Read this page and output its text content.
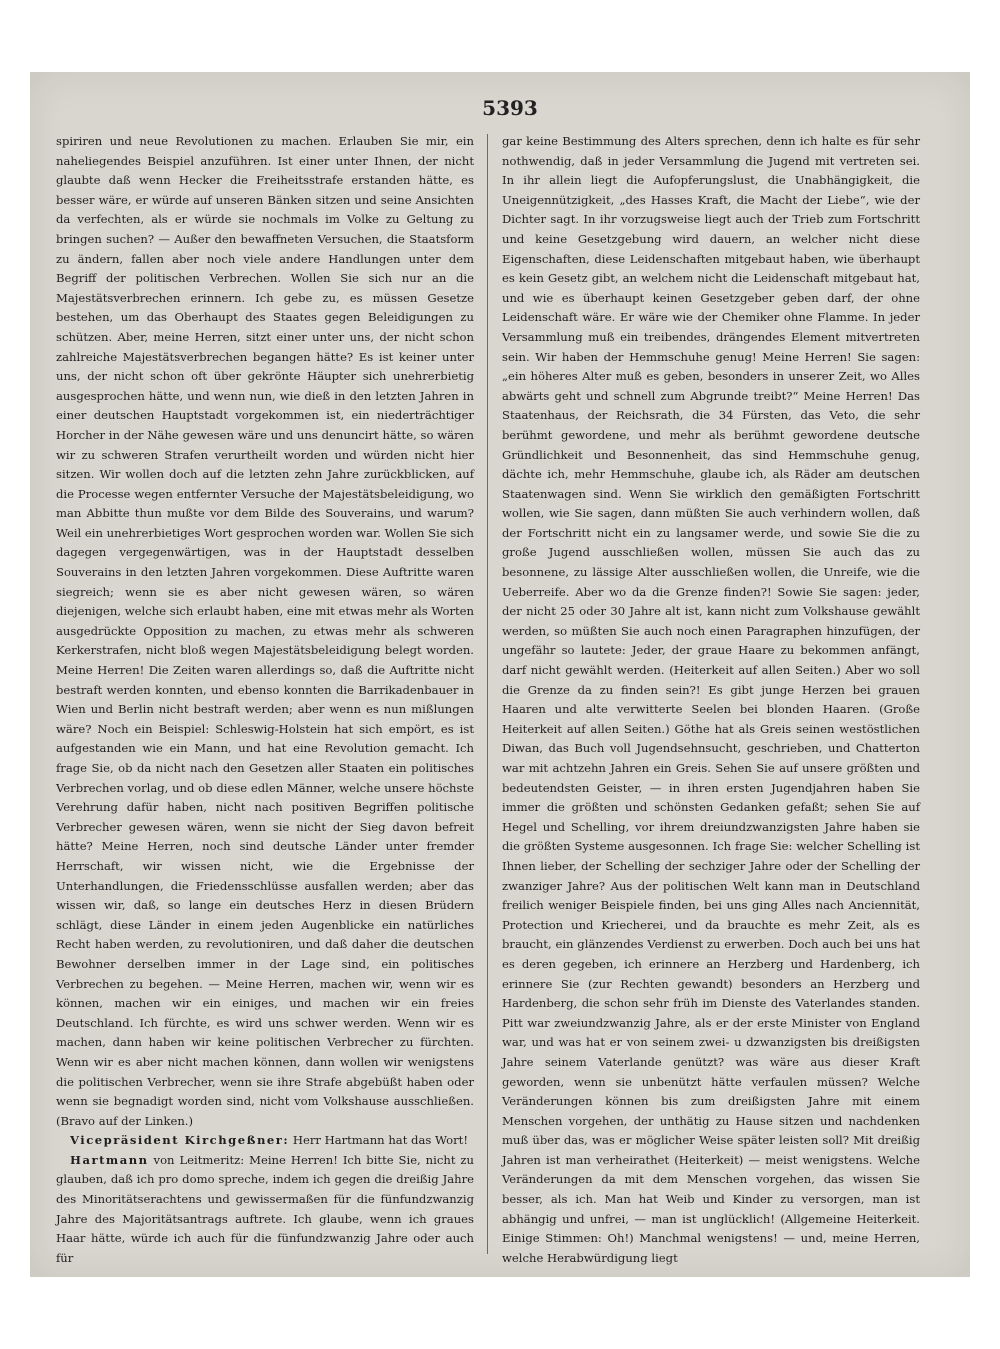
5393

spiriren und neue Revolutionen zu machen. Erlauben Sie mir, ein naheliegendes Beispiel anzuführen. Ist einer unter Ihnen, der nicht glaubte daß wenn Hecker die Freiheitsstrafe erstanden hätte, es besser wäre, er würde auf unseren Bänken sitzen und seine Ansichten da verfechten, als er würde sie nochmals im Volke zu Geltung zu bringen suchen? — Außer den bewaffneten Versuchen, die Staatsform zu ändern, fallen aber noch viele andere Handlungen unter dem Begriff der politischen Verbrechen. Wollen Sie sich nur an die Majestätsverbrechen erinnern. Ich gebe zu, es müssen Gesetze bestehen, um das Oberhaupt des Staates gegen Beleidigungen zu schützen. Aber, meine Herren, sitzt einer unter uns, der nicht schon zahlreiche Majestätsverbrechen begangen hätte? Es ist keiner unter uns, der nicht schon oft über gekrönte Häupter sich unehrerbietig ausgesprochen hätte, und wenn nun, wie dieß in den letzten Jahren in einer deutschen Hauptstadt vorgekommen ist, ein niederträchtiger Horcher in der Nähe gewesen wäre und uns denuncirt hätte, so wären wir zu schweren Strafen verurtheilt worden und würden nicht hier sitzen. Wir wollen doch auf die letzten zehn Jahre zurückblicken, auf die Processe wegen entfernter Versuche der Majestätsbeleidigung, wo man Abbitte thun mußte vor dem Bilde des Souverains, und warum? Weil ein unehrerbietiges Wort gesprochen worden war. Wollen Sie sich dagegen vergegenwärtigen, was in der Hauptstadt desselben Souverains in den letzten Jahren vorgekommen. Diese Auftritte waren siegreich; wenn sie es aber nicht gewesen wären, so wären diejenigen, welche sich erlaubt haben, eine mit etwas mehr als Worten ausgedrückte Opposition zu machen, zu etwas mehr als schweren Kerkerstrafen, nicht bloß wegen Majestätsbeleidigung belegt worden. Meine Herren! Die Zeiten waren allerdings so, daß die Auftritte nicht bestraft werden konnten, und ebenso konnten die Barrikadenbauer in Wien und Berlin nicht bestraft werden; aber wenn es nun mißlungen wäre? Noch ein Beispiel: Schleswig-Holstein hat sich empört, es ist aufgestanden wie ein Mann, und hat eine Revolution gemacht. Ich frage Sie, ob da nicht nach den Gesetzen aller Staaten ein politisches Verbrechen vorlag, und ob diese edlen Männer, welche unsere höchste Verehrung dafür haben, nicht nach positiven Begriffen politische Verbrecher gewesen wären, wenn sie nicht der Sieg davon befreit hätte? Meine Herren, noch sind deutsche Länder unter fremder Herrschaft, wir wissen nicht, wie die Ergebnisse der Unterhandlungen, die Friedensschlüsse ausfallen werden; aber das wissen wir, daß, so lange ein deutsches Herz in diesen Brüdern schlägt, diese Länder in einem jeden Augenblicke ein natürliches Recht haben werden, zu revolutioniren, und daß daher die deutschen Bewohner derselben immer in der Lage sind, ein politisches Verbrechen zu begehen. — Meine Herren, machen wir, wenn wir es können, machen wir ein einiges, und machen wir ein freies Deutschland. Ich fürchte, es wird uns schwer werden. Wenn wir es machen, dann haben wir keine politischen Verbrecher zu fürchten. Wenn wir es aber nicht machen können, dann wollen wir wenigstens die politischen Verbrecher, wenn sie ihre Strafe abgebüßt haben oder wenn sie begnadigt worden sind, nicht vom Volkshause ausschließen. (Bravo auf der Linken.)

Vicepräsident Kirchgeßner: Herr Hartmann hat das Wort!

Hartmann von Leitmeritz: Meine Herren! Ich bitte Sie, nicht zu glauben, daß ich pro domo spreche, indem ich gegen die dreißig Jahre des Minoritätserachtens und gewissermaßen für die fünfundzwanzig Jahre des Majoritätsantrags auftrete. Ich glaube, wenn ich graues Haar hätte, würde ich auch für die fünfundzwanzig Jahre oder auch für

gar keine Bestimmung des Alters sprechen, denn ich halte es für sehr nothwendig, daß in jeder Versammlung die Jugend mit vertreten sei. In ihr allein liegt die Aufopferungslust, die Unabhängigkeit, die Uneigennützigkeit, „des Hasses Kraft, die Macht der Liebe“, wie der Dichter sagt. In ihr vorzugsweise liegt auch der Trieb zum Fortschritt und keine Gesetzgebung wird dauern, an welcher nicht diese Eigenschaften, diese Leidenschaften mitgebaut haben, wie überhaupt es kein Gesetz gibt, an welchem nicht die Leidenschaft mitgebaut hat, und wie es überhaupt keinen Gesetzgeber geben darf, der ohne Leidenschaft wäre. Er wäre wie der Chemiker ohne Flamme. In jeder Versammlung muß ein treibendes, drängendes Element mitvertreten sein. Wir haben der Hemmschuhe genug! Meine Herren! Sie sagen: „ein höheres Alter muß es geben, besonders in unserer Zeit, wo Alles abwärts geht und schnell zum Abgrunde treibt?“ Meine Herren! Das Staatenhaus, der Reichsrath, die 34 Fürsten, das Veto, die sehr berühmt gewordene, und mehr als berühmt gewordene deutsche Gründlichkeit und Besonnenheit, das sind Hemmschuhe genug, dächte ich, mehr Hemmschuhe, glaube ich, als Räder am deutschen Staatenwagen sind. Wenn Sie wirklich den gemäßigten Fortschritt wollen, wie Sie sagen, dann müßten Sie auch verhindern wollen, daß der Fortschritt nicht ein zu langsamer werde, und sowie Sie die zu große Jugend ausschließen wollen, müssen Sie auch das zu besonnene, zu lässige Alter ausschließen wollen, die Unreife, wie die Ueberreife. Aber wo da die Grenze finden?! Sowie Sie sagen: jeder, der nicht 25 oder 30 Jahre alt ist, kann nicht zum Volkshause gewählt werden, so müßten Sie auch noch einen Paragraphen hinzufügen, der ungefähr so lautete: Jeder, der graue Haare zu bekommen anfängt, darf nicht gewählt werden. (Heiterkeit auf allen Seiten.) Aber wo soll die Grenze da zu finden sein?! Es gibt junge Herzen bei grauen Haaren und alte verwitterte Seelen bei blonden Haaren. (Große Heiterkeit auf allen Seiten.) Göthe hat als Greis seinen westöstlichen Diwan, das Buch voll Jugendsehnsucht, geschrieben, und Chatterton war mit achtzehn Jahren ein Greis. Sehen Sie auf unsere größten und bedeutendsten Geister, — in ihren ersten Jugendjahren haben Sie immer die größten und schönsten Gedanken gefaßt; sehen Sie auf Hegel und Schelling, vor ihrem dreiundzwanzigsten Jahre haben sie die größten Systeme ausgesonnen. Ich frage Sie: welcher Schelling ist Ihnen lieber, der Schelling der sechziger Jahre oder der Schelling der zwanziger Jahre? Aus der politischen Welt kann man in Deutschland freilich weniger Beispiele finden, bei uns ging Alles nach Anciennität, Protection und Kriecherei, und da brauchte es mehr Zeit, als es braucht, ein glänzendes Verdienst zu erwerben. Doch auch bei uns hat es deren gegeben, ich erinnere an Herzberg und Hardenberg, ich erinnere Sie (zur Rechten gewandt) besonders an Herzberg und Hardenberg, die schon sehr früh im Dienste des Vaterlandes standen. Pitt war zweiundzwanzig Jahre, als er der erste Minister von England war, und was hat er von seinem zwei- u dzwanzigsten bis dreißigsten Jahre seinem Vaterlande genützt? was wäre aus dieser Kraft geworden, wenn sie unbenützt hätte verfaulen müssen? Welche Veränderungen können bis zum dreißigsten Jahre mit einem Menschen vorgehen, der unthätig zu Hause sitzen und nachdenken muß über das, was er möglicher Weise später leisten soll? Mit dreißig Jahren ist man verheirathet (Heiterkeit) — meist wenigstens. Welche Veränderungen da mit dem Menschen vorgehen, das wissen Sie besser, als ich. Man hat Weib und Kinder zu versorgen, man ist abhängig und unfrei, — man ist unglücklich! (Allgemeine Heiterkeit. Einige Stimmen: Oh!) Manchmal wenigstens! — und, meine Herren, welche Herabwürdigung liegt
